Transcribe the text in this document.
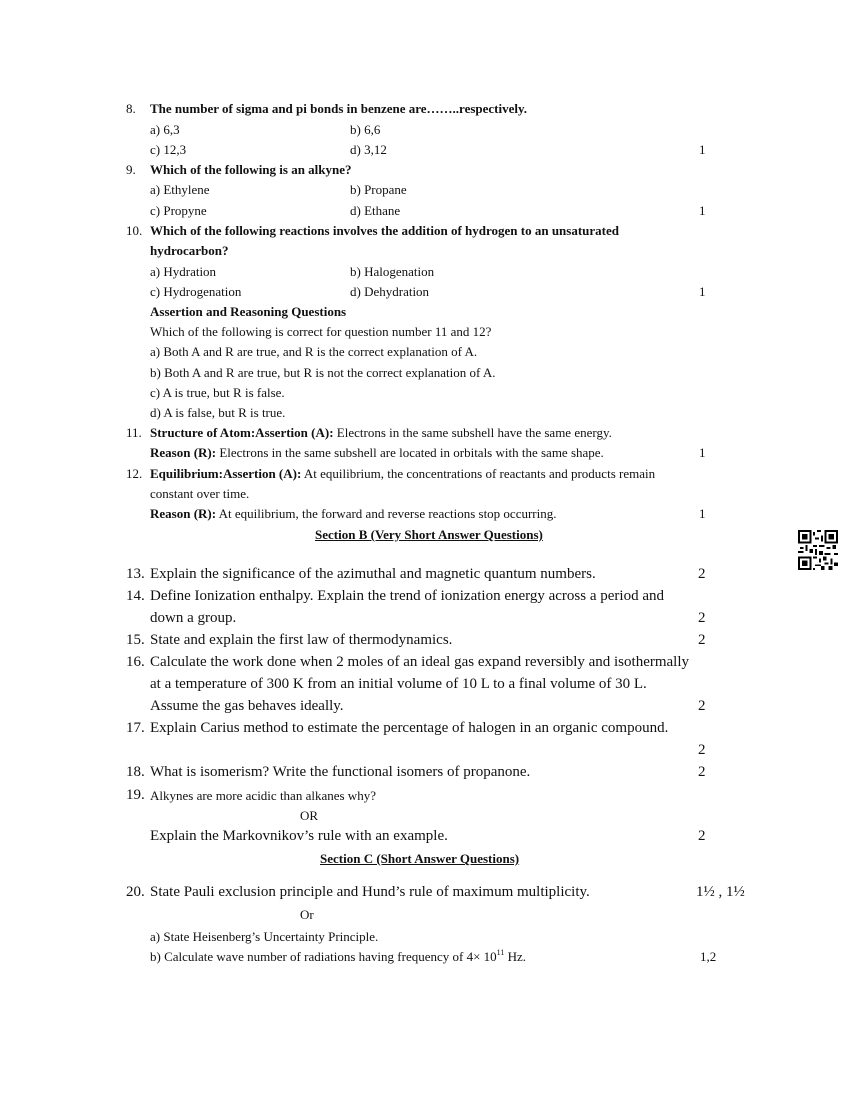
8. The number of sigma and pi bonds in benzene are……..respectively.
a) 6,3	b) 6,6
c) 12,3	d) 3,12	1
9. Which of the following is an alkyne?
a) Ethylene	b) Propane
c) Propyne	d) Ethane	1
10. Which of the following reactions involves the addition of hydrogen to an unsaturated
hydrocarbon?
a) Hydration	b) Halogenation
c) Hydrogenation	d) Dehydration	1
Assertion and Reasoning Questions
Which of the following is correct for question number 11 and 12?
a) Both A and R are true, and R is the correct explanation of A.
b) Both A and R are true, but R is not the correct explanation of A.
c) A is true, but R is false.
d) A is false, but R is true.
11. Structure of Atom:Assertion (A): Electrons in the same subshell have the same energy.
Reason (R): Electrons in the same subshell are located in orbitals with the same shape.	1
12. Equilibrium:Assertion (A): At equilibrium, the concentrations of reactants and products remain
constant over time.
Reason (R): At equilibrium, the forward and reverse reactions stop occurring.	1
Section B (Very Short Answer Questions)
13. Explain the significance of the azimuthal and magnetic quantum numbers.	2
14. Define Ionization enthalpy. Explain the trend of ionization energy across a period and
down a group.	2
15. State and explain the first law of thermodynamics.	2
16. Calculate the work done when 2 moles of an ideal gas expand reversibly and isothermally
at a temperature of 300 K from an initial volume of 10 L to a final volume of 30 L.
Assume the gas behaves ideally.	2
17. Explain Carius method to estimate the percentage of halogen in an organic compound.
2
18. What is isomerism? Write the functional isomers of propanone.	2
19. Alkynes are more acidic than alkanes why?
OR
Explain the Markovnikov’s rule with an example.	2
Section C (Short Answer Questions)
20. State Pauli exclusion principle and Hund’s rule of maximum multiplicity.	1½ , 1½
Or
a) State Heisenberg’s Uncertainty Principle.
b) Calculate wave number of radiations having frequency of $4\times 10^{11}$ Hz.	1,2
